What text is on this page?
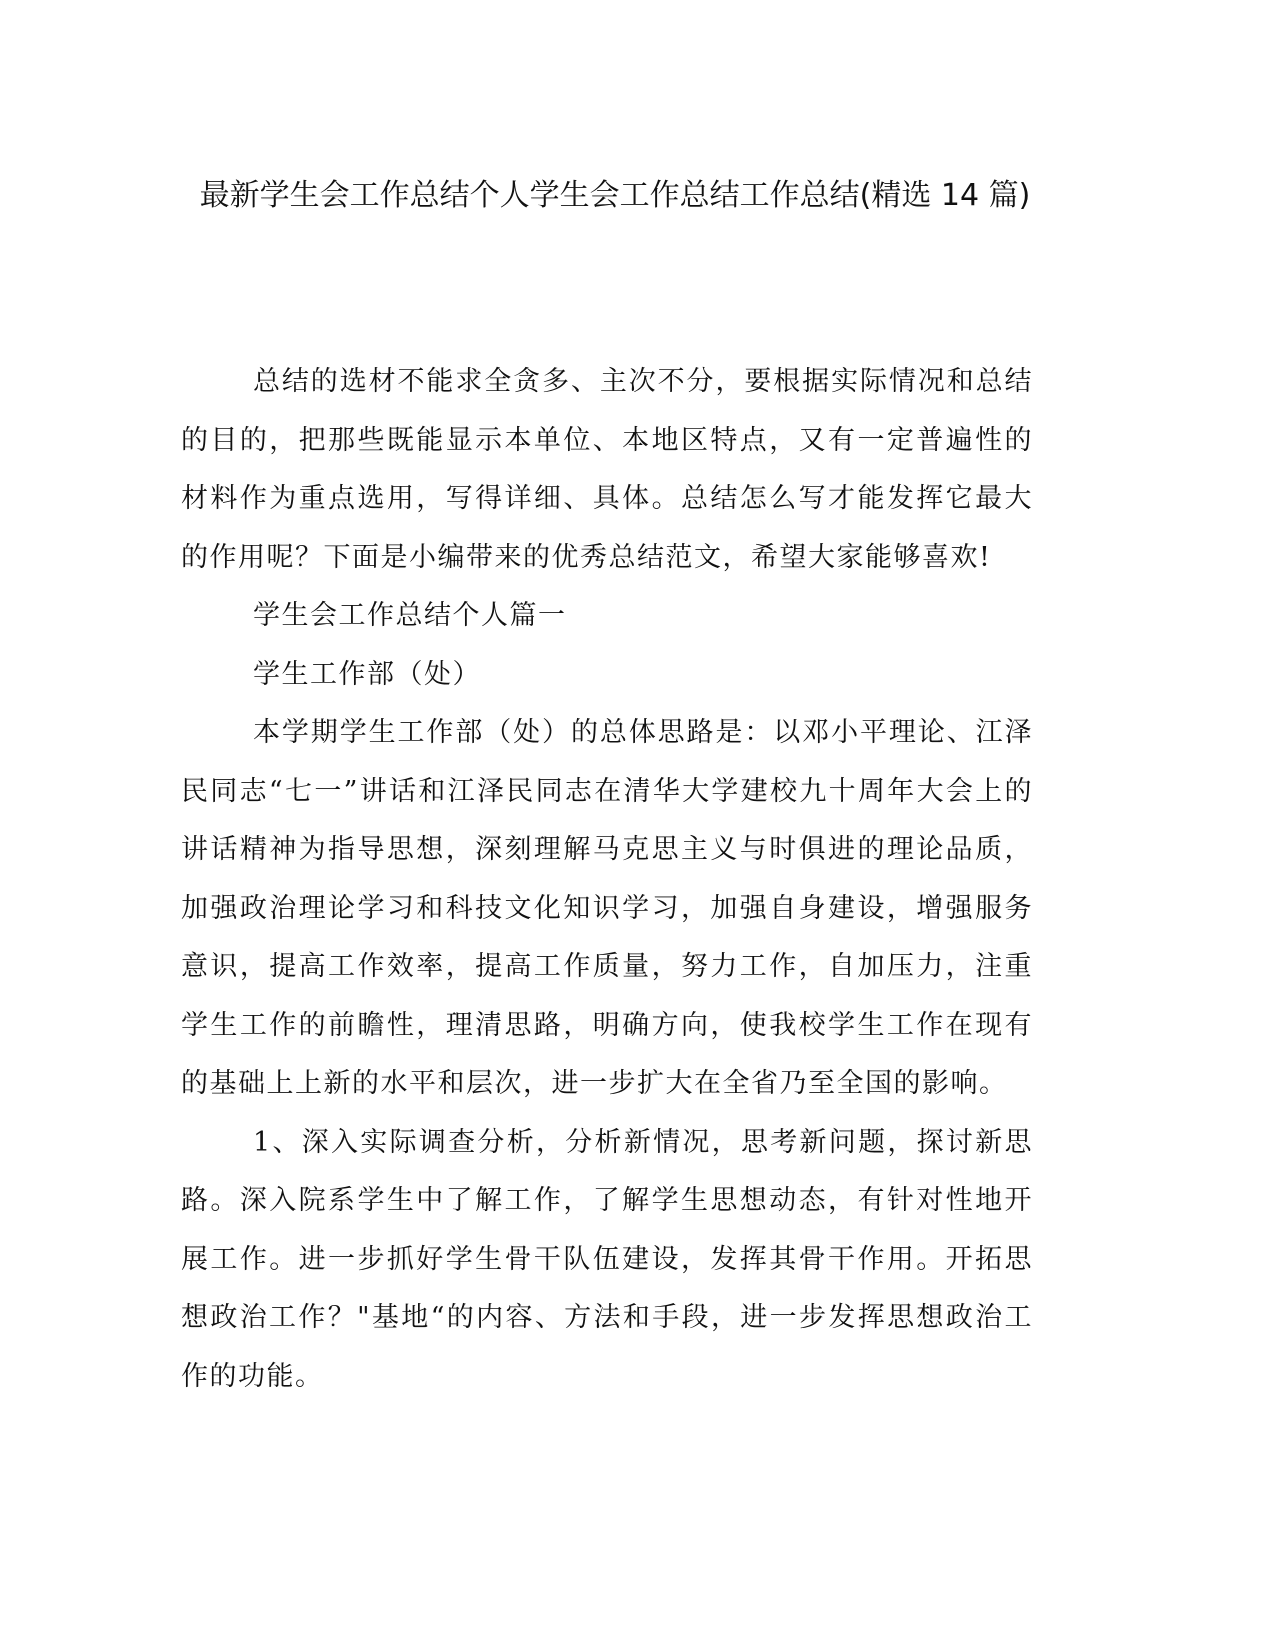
最新学生会工作总结个人学生会工作总结工作总结(精选 14 篇)

总结的选材不能求全贪多、主次不分，要根据实际情况和总结的目的，把那些既能显示本单位、本地区特点，又有一定普遍性的材料作为重点选用，写得详细、具体。总结怎么写才能发挥它最大的作用呢？下面是小编带来的优秀总结范文，希望大家能够喜欢!

学生会工作总结个人篇一

学生工作部（处）

本学期学生工作部（处）的总体思路是：以邓小平理论、江泽民同志“七一”讲话和江泽民同志在清华大学建校九十周年大会上的讲话精神为指导思想，深刻理解马克思主义与时俱进的理论品质，加强政治理论学习和科技文化知识学习，加强自身建设，增强服务意识，提高工作效率，提高工作质量，努力工作，自加压力，注重学生工作的前瞻性，理清思路，明确方向，使我校学生工作在现有的基础上上新的水平和层次，进一步扩大在全省乃至全国的影响。

1、深入实际调查分析，分析新情况，思考新问题，探讨新思路。深入院系学生中了解工作，了解学生思想动态，有针对性地开展工作。进一步抓好学生骨干队伍建设，发挥其骨干作用。开拓思想政治工作？"基地“的内容、方法和手段，进一步发挥思想政治工作的功能。
